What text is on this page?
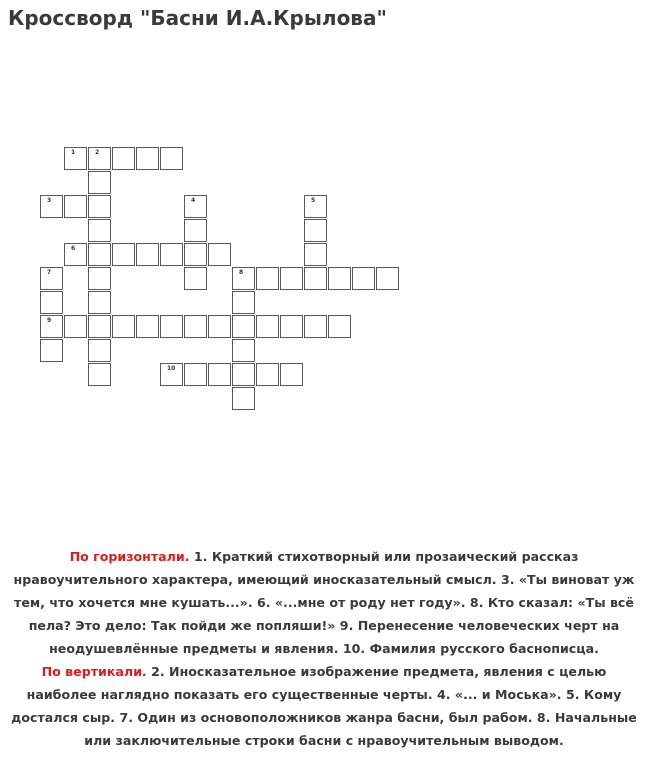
Кроссворд "Басни И.А.Крылова"
1	2
3	4	5
6
7
9
8
10
По горизонтали. 1. Краткий стихотворный или прозаический рассказ нравоучительного характера, имеющий иносказательный смысл. 3. «Ты виноват уж тем, что хочется мне кушать...». 6. «...мне от роду нет году». 8. Кто сказал: «Ты всё пела? Это дело: Так пойди же попляши!» 9. Перенесение человеческих черт на неодушевлённые предметы и явления. 10. Фамилия русского баснописца.
По вертикали. 2. Иносказательное изображение предмета, явления с целью наиболее наглядно показать его существенные черты. 4. «... и Моська». 5. Кому достался сыр. 7. Один из основоположников жанра басни, был рабом. 8. Начальные или заключительные строки басни с нравоучительным выводом.
